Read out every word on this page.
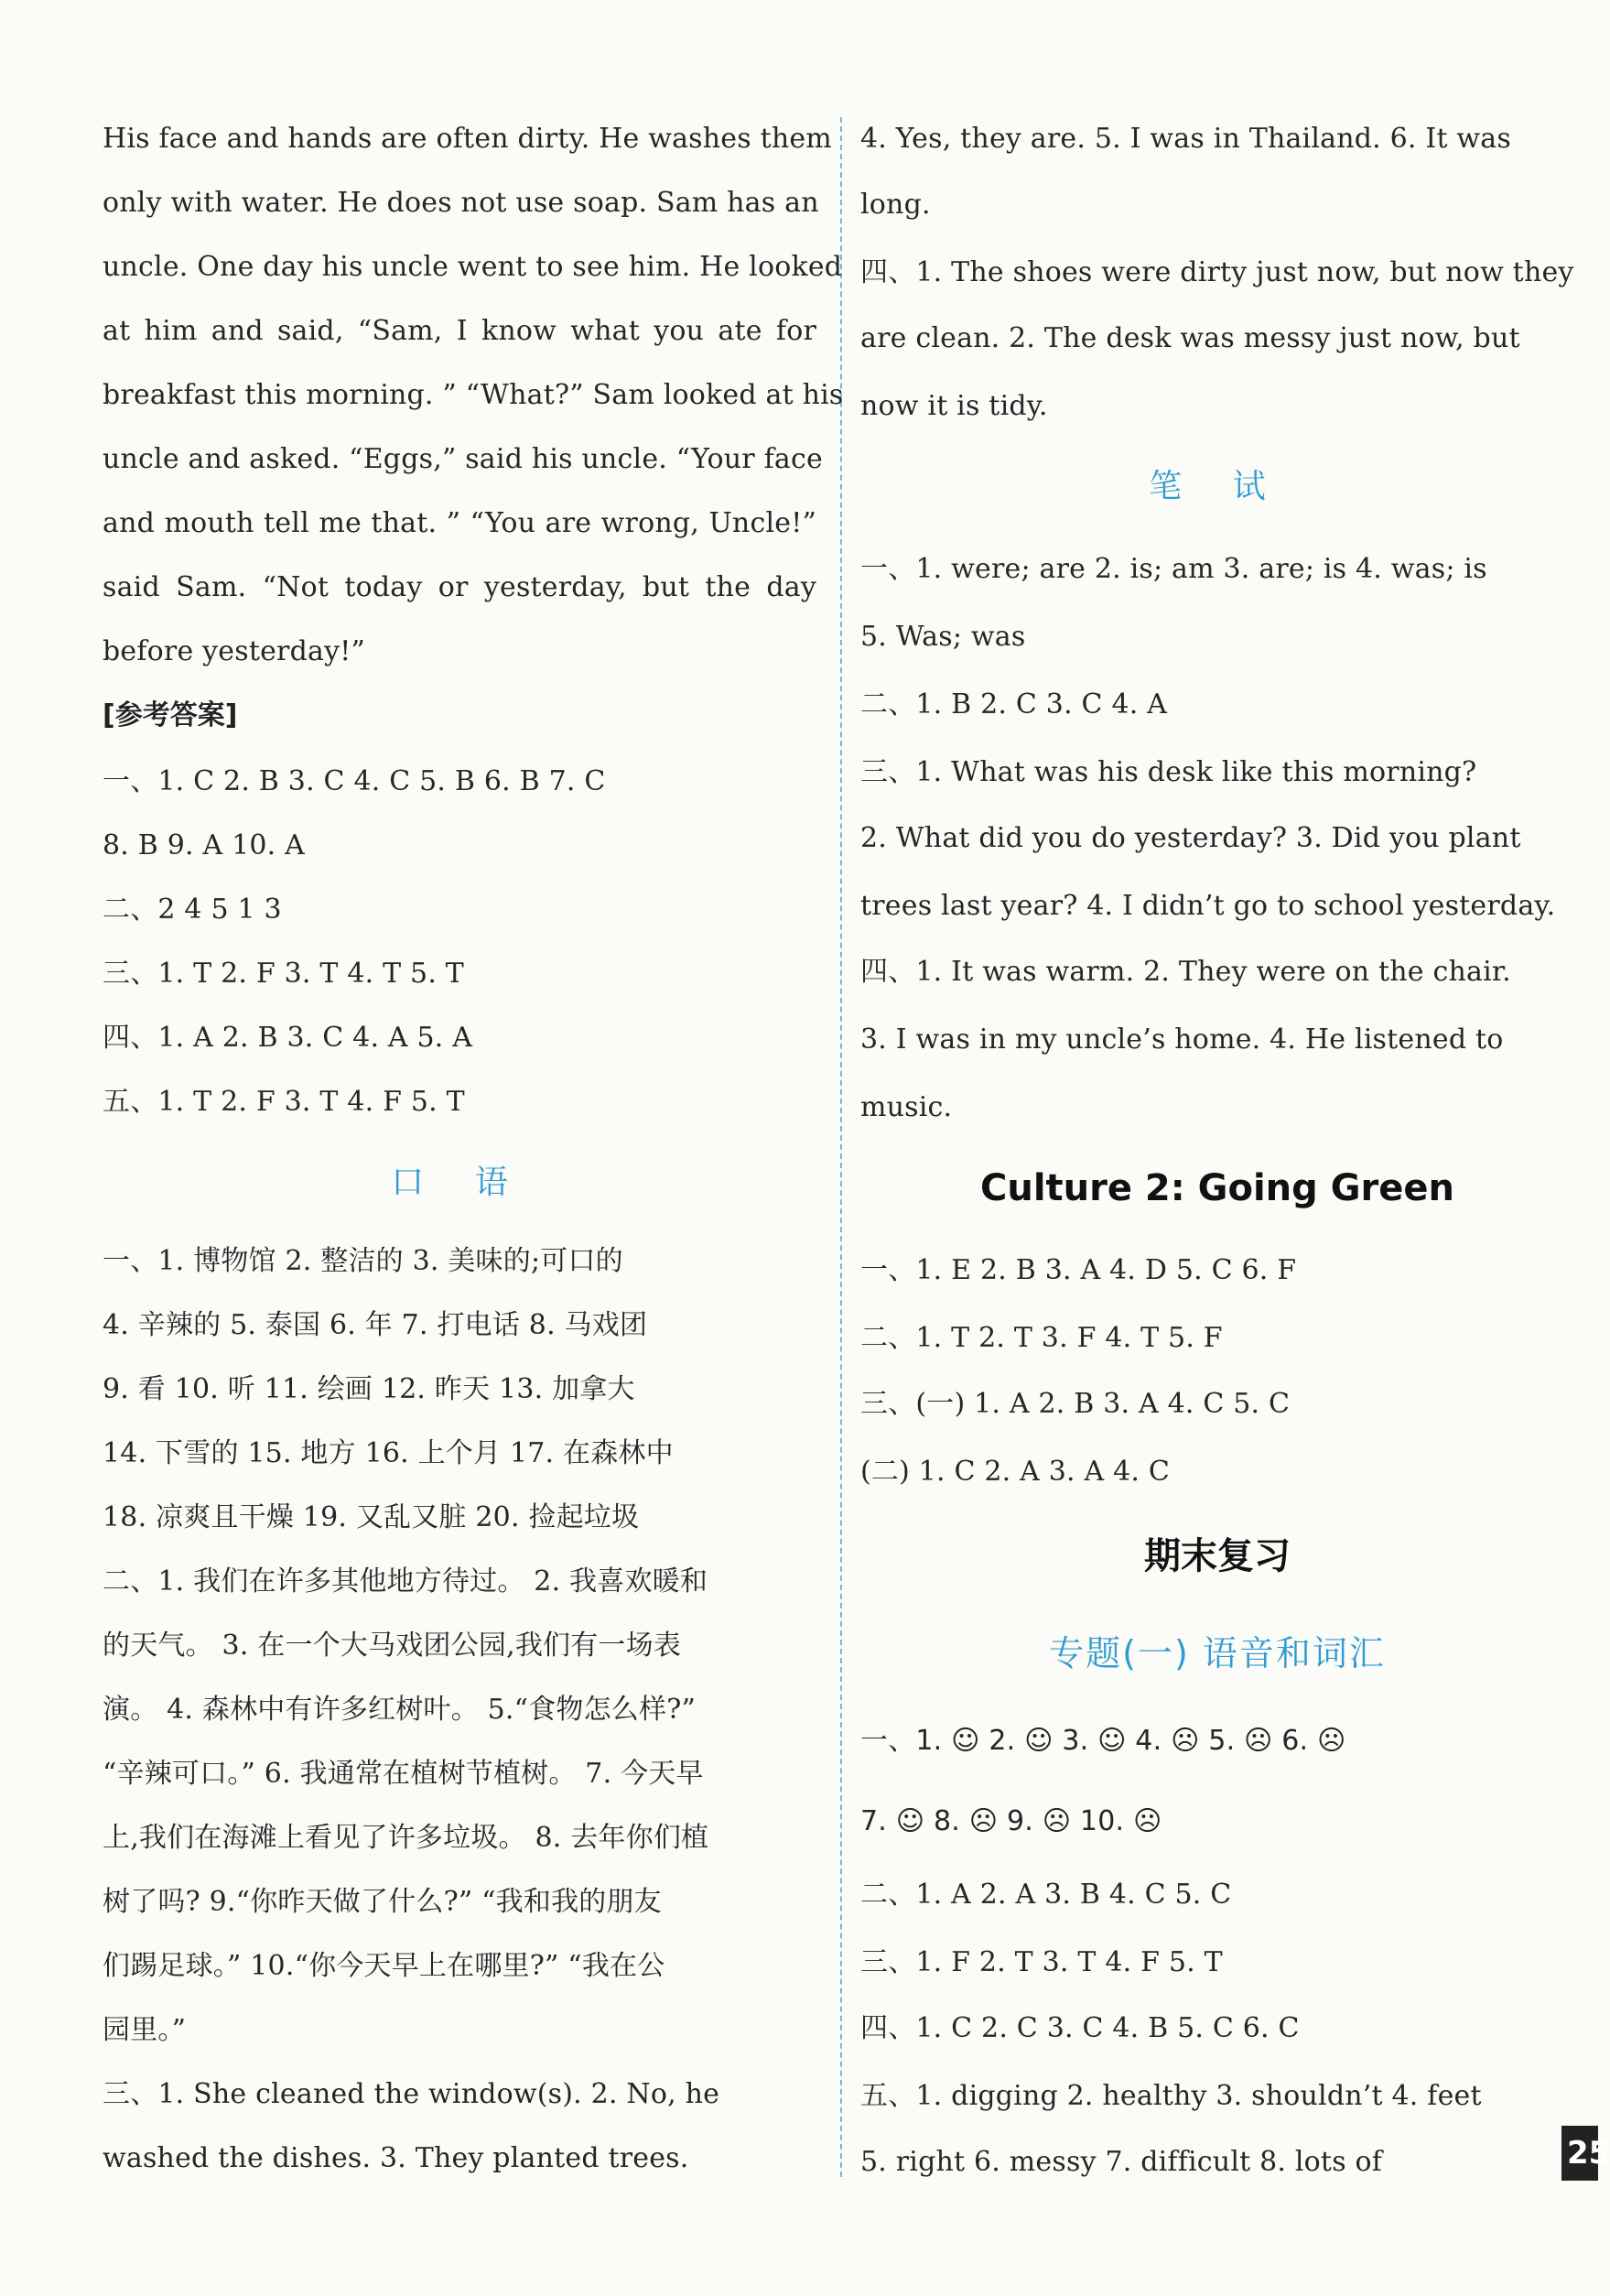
His face and hands are often dirty. He washes them
only with water. He does not use soap. Sam has an
uncle. One day his uncle went to see him. He looked
at him and said, “Sam, I know what you ate for
breakfast this morning. ” “What?” Sam looked at his
uncle and asked. “Eggs,” said his uncle. “Your face
and mouth tell me that. ” “You are wrong, Uncle!”
said Sam. “Not today or yesterday, but the day
before yesterday!”
[参考答案]
一、1. C 2. B 3. C 4. C 5. B 6. B 7. C
8. B 9. A 10. A
二、2 4 5 1 3
三、1. T 2. F 3. T 4. T 5. T
四、1. A 2. B 3. C 4. A 5. A
五、1. T 2. F 3. T 4. F 5. T
口 语
一、1. 博物馆 2. 整洁的 3. 美味的;可口的
4. 辛辣的 5. 泰国 6. 年 7. 打电话 8. 马戏团
9. 看 10. 听 11. 绘画 12. 昨天 13. 加拿大
14. 下雪的 15. 地方 16. 上个月 17. 在森林中
18. 凉爽且干燥 19. 又乱又脏 20. 捡起垃圾
二、1. 我们在许多其他地方待过。 2. 我喜欢暖和
的天气。 3. 在一个大马戏团公园,我们有一场表
演。 4. 森林中有许多红树叶。 5.“食物怎么样?”
“辛辣可口。” 6. 我通常在植树节植树。 7. 今天早
上,我们在海滩上看见了许多垃圾。 8. 去年你们植
树了吗? 9.“你昨天做了什么?” “我和我的朋友
们踢足球。” 10.“你今天早上在哪里?” “我在公
园里。”
三、1. She cleaned the window(s). 2. No, he
washed the dishes. 3. They planted trees.
4. Yes, they are. 5. I was in Thailand. 6. It was
long.
四、1. The shoes were dirty just now, but now they
are clean. 2. The desk was messy just now, but
now it is tidy.
笔 试
一、1. were; are 2. is; am 3. are; is 4. was; is
5. Was; was
二、1. B 2. C 3. C 4. A
三、1. What was his desk like this morning?
2. What did you do yesterday? 3. Did you plant
trees last year? 4. I didn’t go to school yesterday.
四、1. It was warm. 2. They were on the chair.
3. I was in my uncle’s home. 4. He listened to
music.
Culture 2: Going Green
一、1. E 2. B 3. A 4. D 5. C 6. F
二、1. T 2. T 3. F 4. T 5. F
三、(一) 1. A 2. B 3. A 4. C 5. C
(二) 1. C 2. A 3. A 4. C
期末复习
专题(一) 语音和词汇
一、1. ☺ 2. ☺ 3. ☺ 4. ☹ 5. ☹ 6. ☹
7. ☺ 8. ☹ 9. ☹ 10. ☹
二、1. A 2. A 3. B 4. C 5. C
三、1. F 2. T 3. T 4. F 5. T
四、1. C 2. C 3. C 4. B 5. C 6. C
五、1. digging 2. healthy 3. shouldn’t 4. feet
5. right 6. messy 7. difficult 8. lots of	25
